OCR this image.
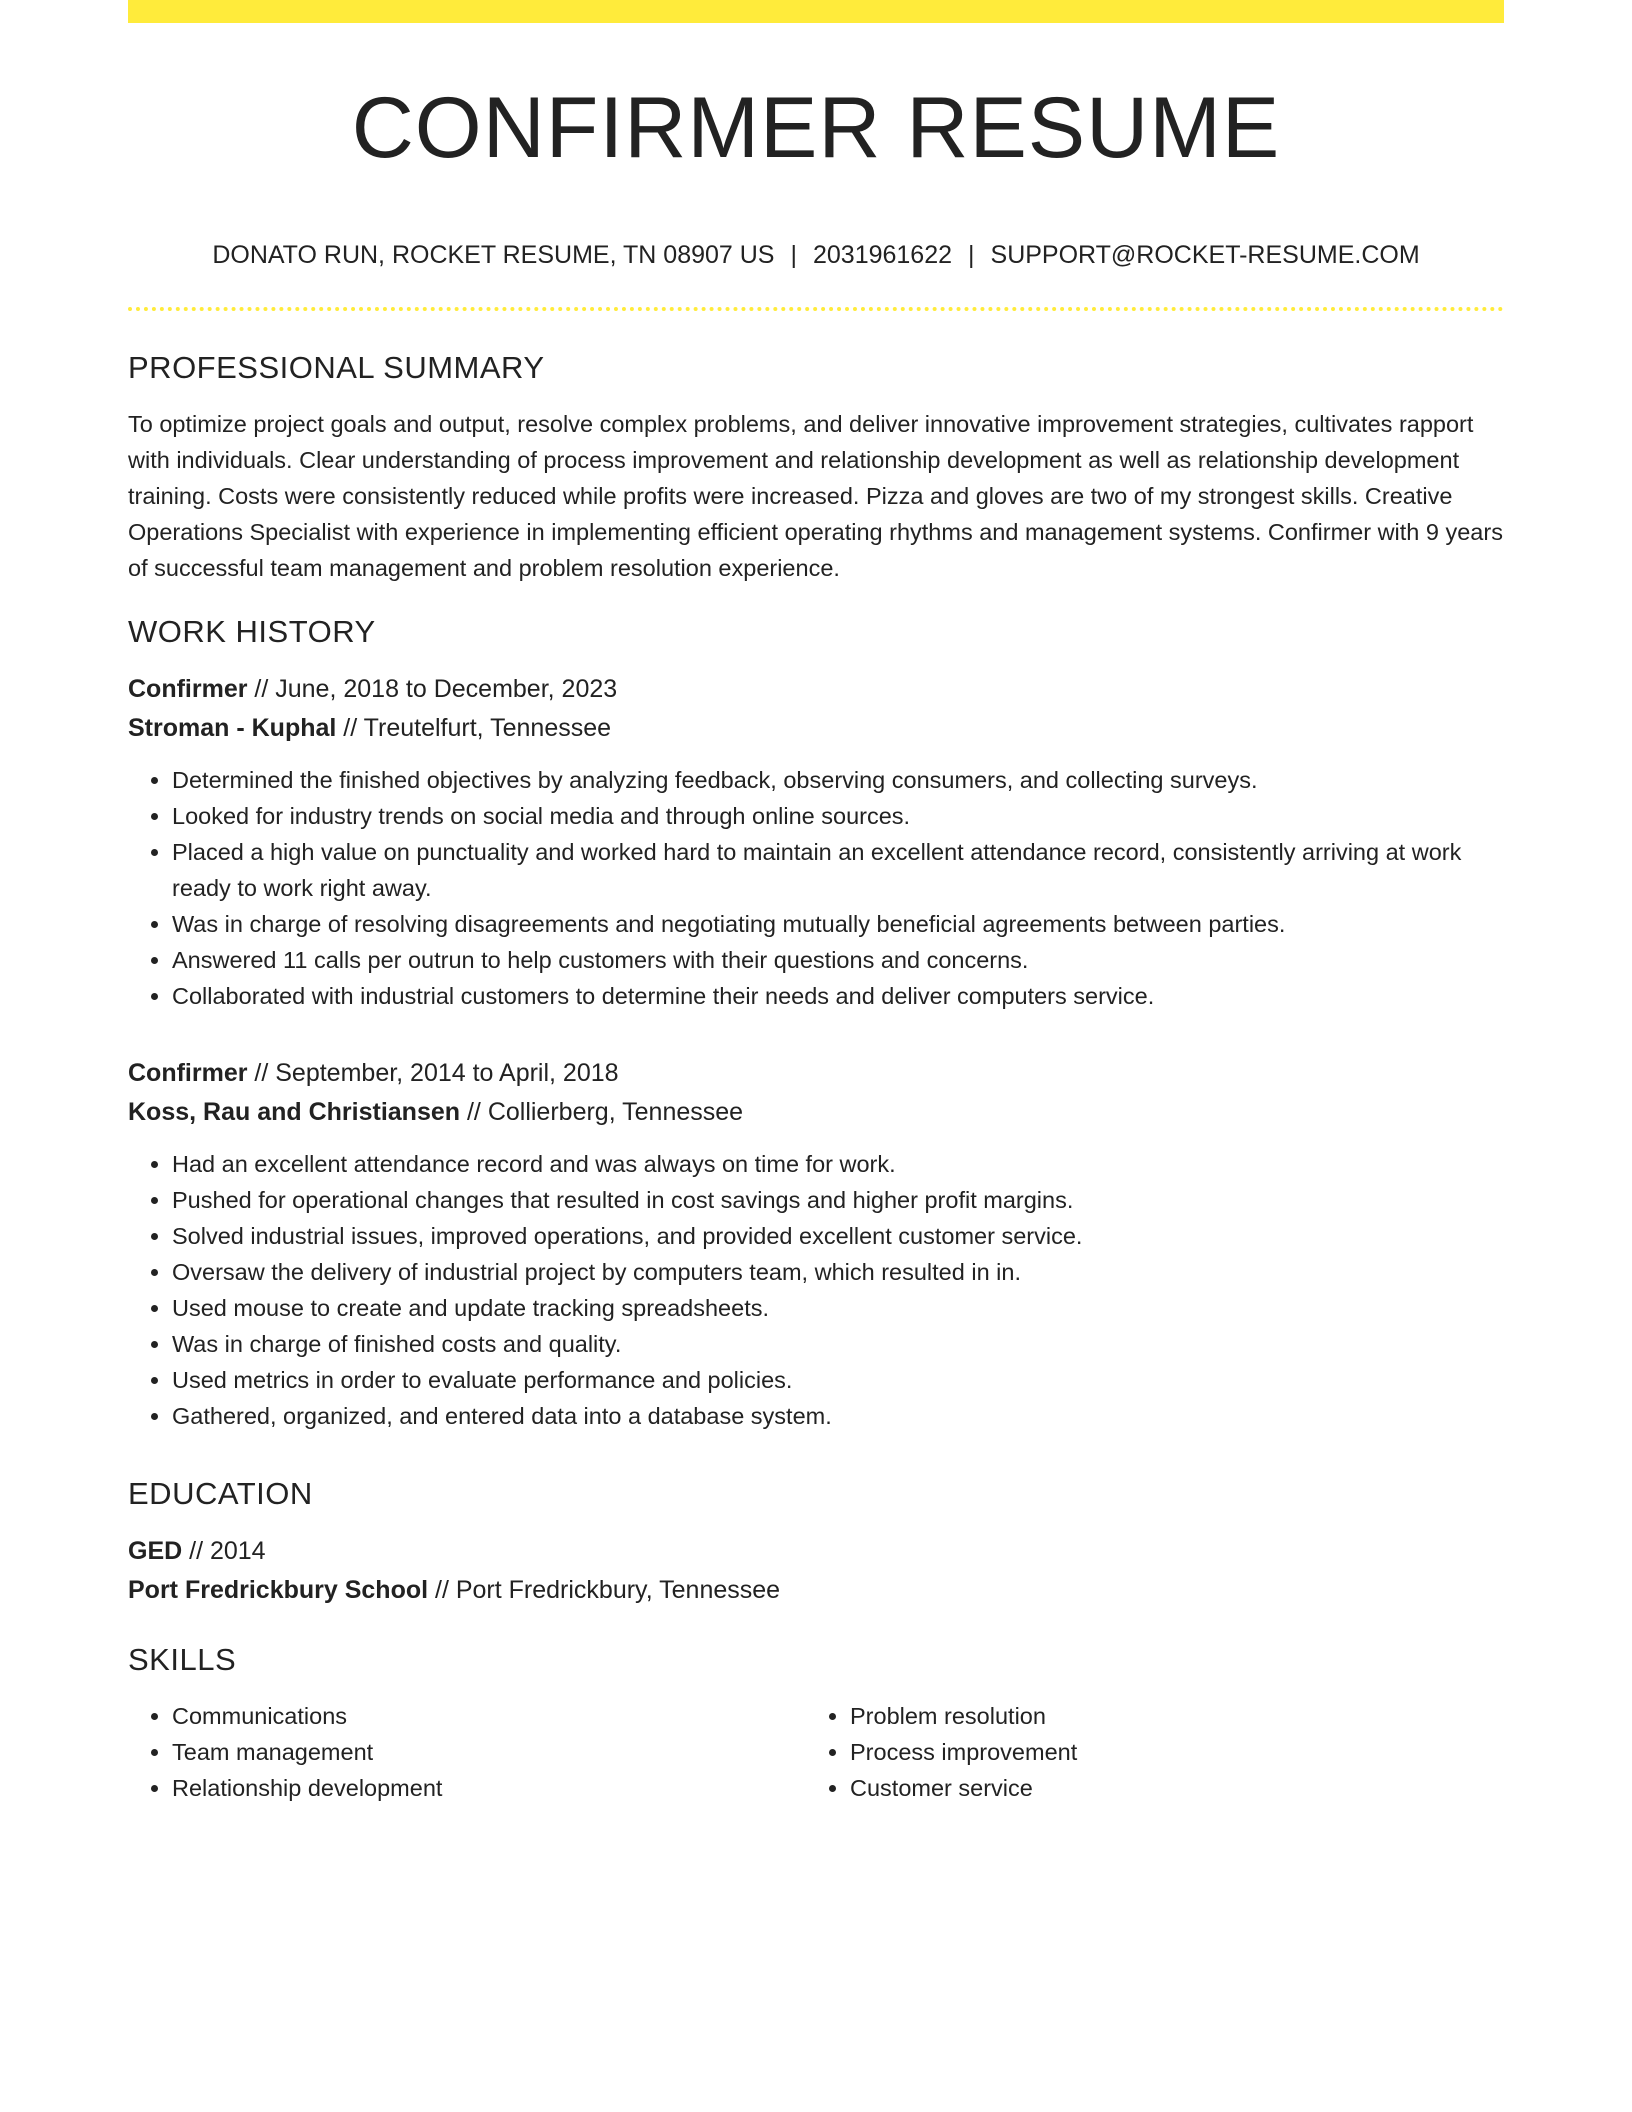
CONFIRMER RESUME
DONATO RUN, ROCKET RESUME, TN 08907 US | 2031961622 | SUPPORT@ROCKET-RESUME.COM
PROFESSIONAL SUMMARY

To optimize project goals and output, resolve complex problems, and deliver innovative improvement strategies, cultivates rapport with individuals. Clear understanding of process improvement and relationship development as well as relationship development training. Costs were consistently reduced while profits were increased. Pizza and gloves are two of my strongest skills. Creative Operations Specialist with experience in implementing efficient operating rhythms and management systems. Confirmer with 9 years of successful team management and problem resolution experience.

WORK HISTORY
Confirmer // June, 2018 to December, 2023
Stroman - Kuphal // Treutelfurt, Tennessee
• Determined the finished objectives by analyzing feedback, observing consumers, and collecting surveys.
• Looked for industry trends on social media and through online sources.
• Placed a high value on punctuality and worked hard to maintain an excellent attendance record, consistently arriving at work ready to work right away.
• Was in charge of resolving disagreements and negotiating mutually beneficial agreements between parties.
• Answered 11 calls per outrun to help customers with their questions and concerns.
• Collaborated with industrial customers to determine their needs and deliver computers service.
Confirmer // September, 2014 to April, 2018
Koss, Rau and Christiansen // Collierberg, Tennessee
• Had an excellent attendance record and was always on time for work.
• Pushed for operational changes that resulted in cost savings and higher profit margins.
• Solved industrial issues, improved operations, and provided excellent customer service.
• Oversaw the delivery of industrial project by computers team, which resulted in in.
• Used mouse to create and update tracking spreadsheets.
• Was in charge of finished costs and quality.
• Used metrics in order to evaluate performance and policies.
• Gathered, organized, and entered data into a database system.
EDUCATION
GED // 2014
Port Fredrickbury School // Port Fredrickbury, Tennessee
SKILLS
• Communications
• Team management
• Relationship development
• Problem resolution
• Process improvement
• Customer service
